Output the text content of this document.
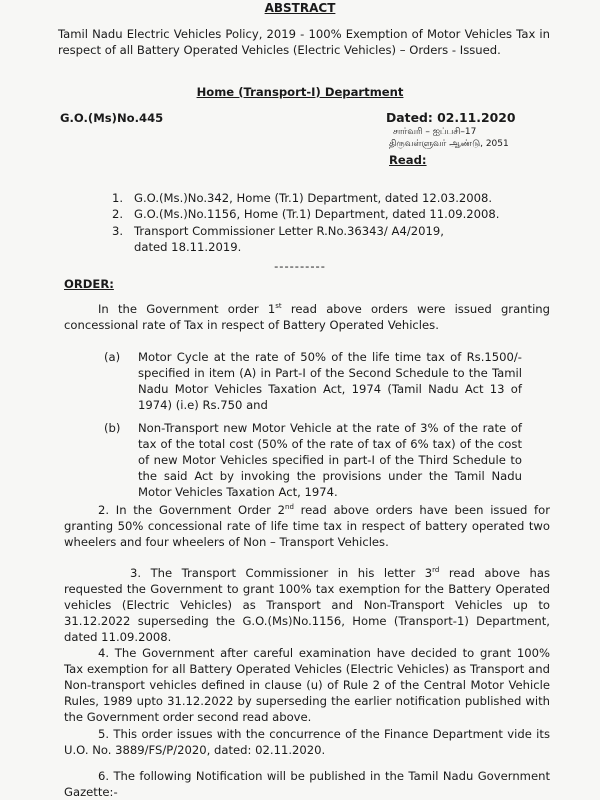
ABSTRACT
Tamil Nadu Electric Vehicles Policy, 2019 - 100% Exemption of Motor Vehicles Tax in respect of all Battery Operated Vehicles (Electric Vehicles) – Orders - Issued.
Home (Transport-I) Department
G.O.(Ms)No.445	Dated: 02.11.2020
சார்வரி – ஐப்பசி–17
திருவள்ளுவர் ஆண்டு, 2051
Read:
1. G.O.(Ms.)No.342, Home (Tr.1) Department, dated 12.03.2008.
2. G.O.(Ms.)No.1156, Home (Tr.1) Department, dated 11.09.2008.
3. Transport Commissioner Letter R.No.36343/ A4/2019,
dated 18.11.2019.
----------
ORDER:
In the Government order 1st read above orders were issued granting concessional rate of Tax in respect of Battery Operated Vehicles.
(a) Motor Cycle at the rate of 50% of the life time tax of Rs.1500/- specified in item (A) in Part-I of the Second Schedule to the Tamil Nadu Motor Vehicles Taxation Act, 1974 (Tamil Nadu Act 13 of 1974) (i.e) Rs.750 and
(b) Non-Transport new Motor Vehicle at the rate of 3% of the rate of tax of the total cost (50% of the rate of tax of 6% tax) of the cost of new Motor Vehicles specified in part-I of the Third Schedule to the said Act by invoking the provisions under the Tamil Nadu Motor Vehicles Taxation Act, 1974.
2. In the Government Order 2nd read above orders have been issued for granting 50% concessional rate of life time tax in respect of battery operated two wheelers and four wheelers of Non – Transport Vehicles.
3. The Transport Commissioner in his letter 3rd read above has requested the Government to grant 100% tax exemption for the Battery Operated vehicles (Electric Vehicles) as Transport and Non-Transport Vehicles up to 31.12.2022 superseding the G.O.(Ms)No.1156, Home (Transport-1) Department, dated 11.09.2008.
4. The Government after careful examination have decided to grant 100% Tax exemption for all Battery Operated Vehicles (Electric Vehicles) as Transport and Non-transport vehicles defined in clause (u) of Rule 2 of the Central Motor Vehicle Rules, 1989 upto 31.12.2022 by superseding the earlier notification published with the Government order second read above.
5. This order issues with the concurrence of the Finance Department vide its U.O. No. 3889/FS/P/2020, dated: 02.11.2020.
6. The following Notification will be published in the Tamil Nadu Government Gazette:-
